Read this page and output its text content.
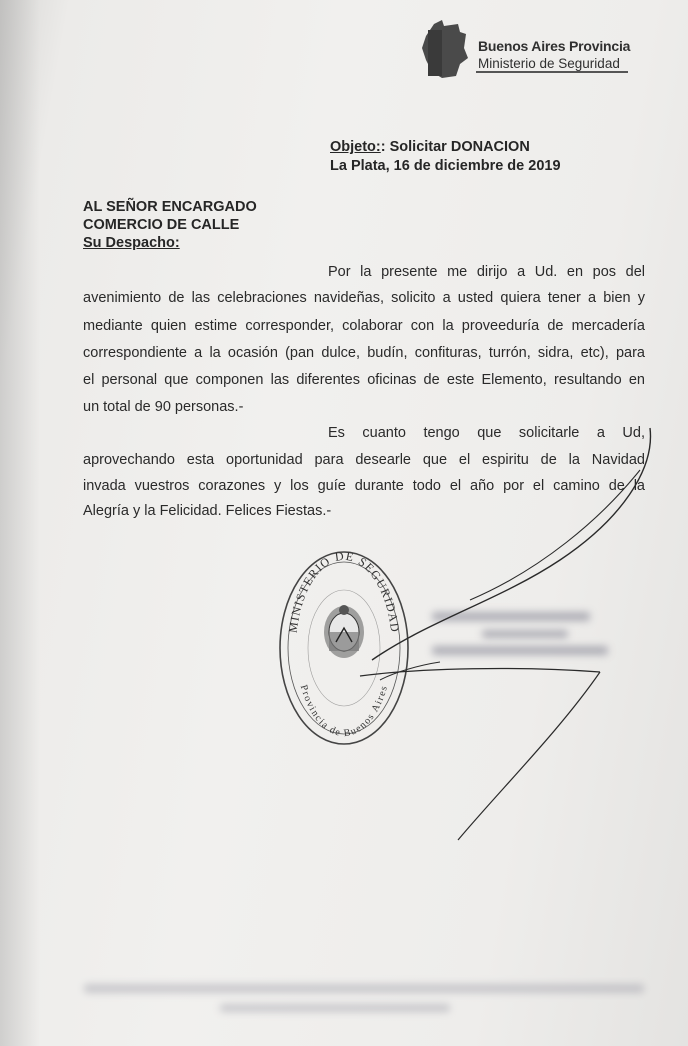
Buenos Aires Provincia
Ministerio de Seguridad
Objeto:: Solicitar DONACION
La Plata, 16 de diciembre de 2019
AL SEÑOR ENCARGADO
COMERCIO DE CALLE
Su Despacho:
Por la presente me dirijo a Ud. en pos del
avenimiento de las celebraciones navideñas, solicito a usted quiera tener a bien y
mediante quien estime corresponder, colaborar con la proveeduría de mercadería
correspondiente a la ocasión (pan dulce, budín, confituras, turrón, sidra, etc), para
el personal que componen las diferentes oficinas de este Elemento, resultando en
un total de 90 personas.-
Es cuanto tengo que solicitarle a Ud,
aprovechando esta oportunidad para desearle que el espiritu de la Navidad
invada vuestros corazones y los guíe durante todo el año por el camino de la
Alegría y la Felicidad. Felices Fiestas.-
MINISTERIO DE SEGURIDAD
Provincia de Buenos Aires
